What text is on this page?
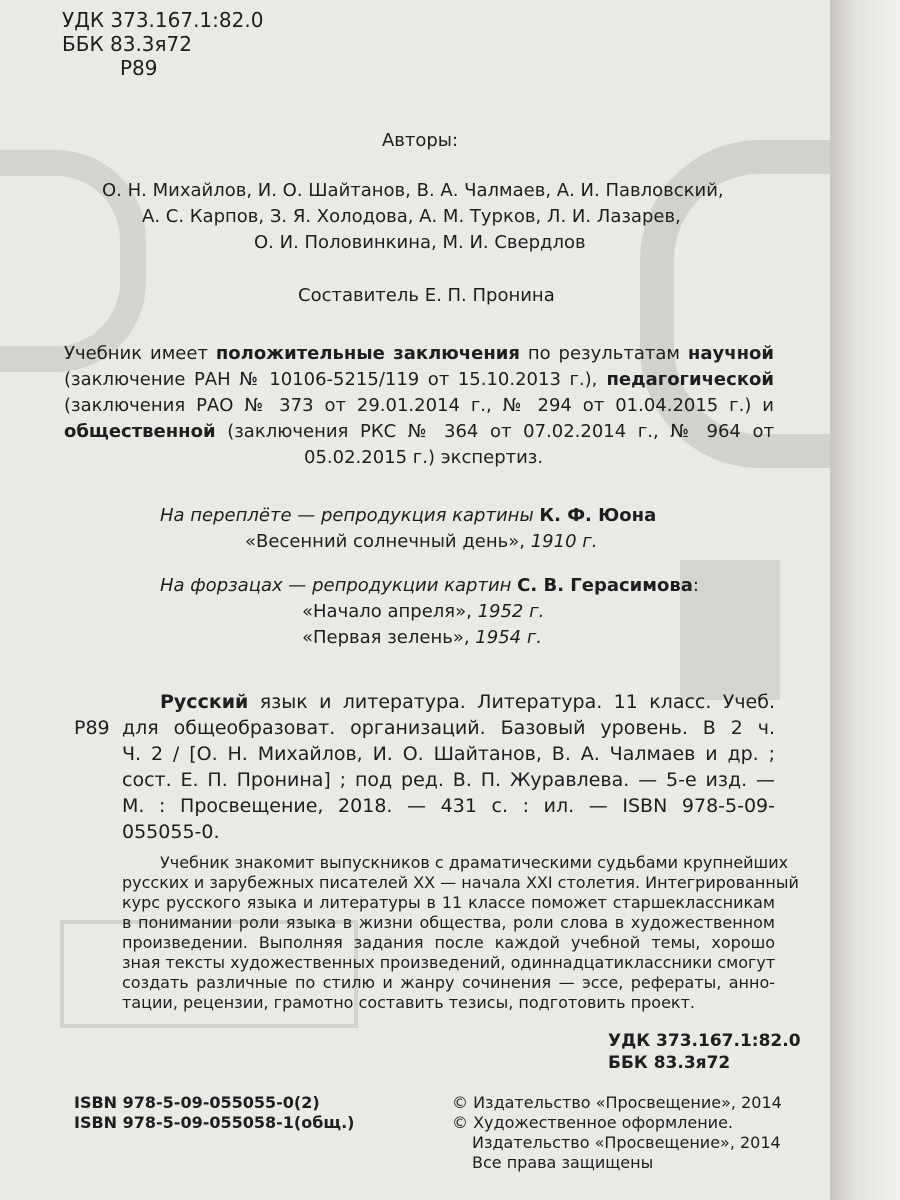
УДК 373.167.1:82.0
ББК 83.3я72
Р89
Авторы:
О. Н. Михайлов, И. О. Шайтанов, В. А. Чалмаев, А. И. Павловский,
А. С. Карпов, З. Я. Холодова, А. М. Турков, Л. И. Лазарев,
О. И. Половинкина, М. И. Свердлов
Составитель Е. П. Пронина
Учебник имеет положительные заключения по результатам научной
(заключение РАН № 10106-5215/119 от 15.10.2013 г.), педагогической
(заключения РАО № 373 от 29.01.2014 г., № 294 от 01.04.2015 г.) и
общественной (заключения РКС № 364 от 07.02.2014 г., № 964 от
05.02.2015 г.) экспертиз.
На переплёте — репродукция картины К. Ф. Юона
«Весенний солнечный день», 1910 г.
На форзацах — репродукции картин С. В. Герасимова:
«Начало апреля», 1952 г.
«Первая зелень», 1954 г.
Р89
Русский язык и литература. Литература. 11 класс. Учеб.
для общеобразоват. организаций. Базовый уровень. В 2 ч.
Ч. 2 / [О. Н. Михайлов, И. О. Шайтанов, В. А. Чалмаев и др. ;
сост. Е. П. Пронина] ; под ред. В. П. Журавлева. — 5-е изд. —
М. : Просвещение, 2018. — 431 с. : ил. — ISBN 978-5-09-
055055-0.
Учебник знакомит выпускников с драматическими судьбами крупнейших
русских и зарубежных писателей XX — начала XXI столетия. Интегрированный
курс русского языка и литературы в 11 классе поможет старшеклассникам
в понимании роли языка в жизни общества, роли слова в художественном
произведении. Выполняя задания после каждой учебной темы, хорошо
зная тексты художественных произведений, одиннадцатиклассники смогут
создать различные по стилю и жанру сочинения — эссе, рефераты, анно-
тации, рецензии, грамотно составить тезисы, подготовить проект.
УДК 373.167.1:82.0
ББК 83.3я72
ISBN 978-5-09-055055-0(2)
ISBN 978-5-09-055058-1(общ.)
© Издательство «Просвещение», 2014
© Художественное оформление.
Издательство «Просвещение», 2014
Все права защищены
